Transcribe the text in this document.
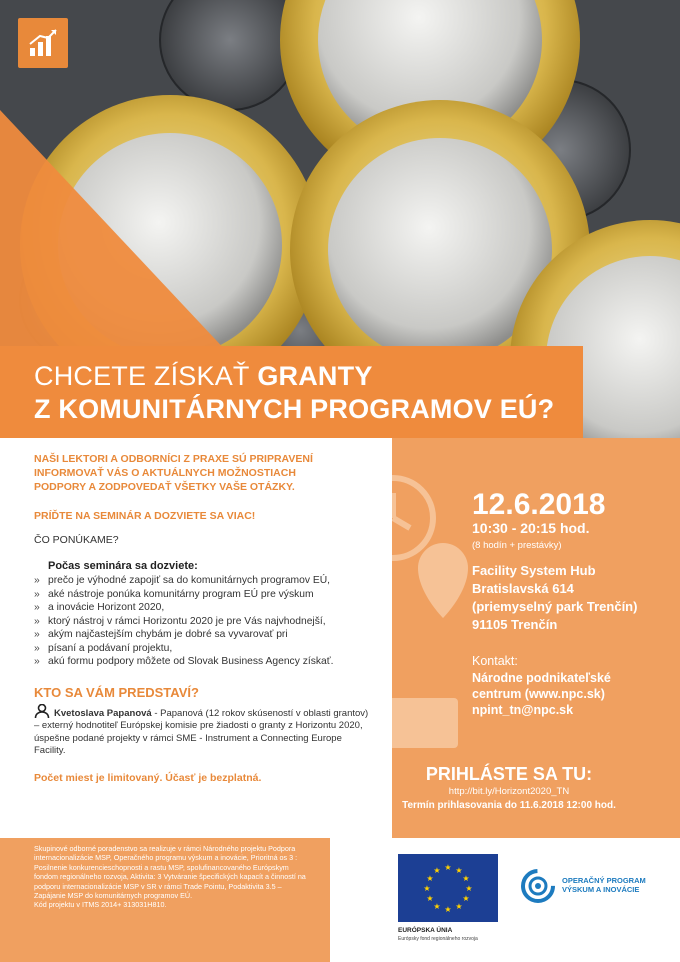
CHCETE ZÍSKAŤ GRANTY
Z KOMUNITÁRNYCH PROGRAMOV EÚ?
NAŠI LEKTORI A ODBORNÍCI Z PRAXE SÚ PRIPRAVENÍ INFORMOVAŤ VÁS O AKTUÁLNYCH MOŽNOSTIACH PODPORY A ZODPOVEDAŤ VŠETKY VAŠE OTÁZKY.
PRÍĎTE NA SEMINÁR A DOZVIETE SA VIAC!
ČO PONÚKAME?
Počas seminára sa dozviete:
» prečo je výhodné zapojiť sa do komunitárnych programov EÚ,
» aké nástroje ponúka komunitárny program EÚ pre výskum
» a inovácie Horizont 2020,
» ktorý nástroj v rámci Horizontu 2020 je pre Vás najvhodnejší,
» akým najčastejším chybám je dobré sa vyvarovať pri
» písaní a podávaní projektu,
» akú formu podpory môžete od Slovak Business Agency získať.
KTO SA VÁM PREDSTAVÍ?
Kvetoslava Papanová - Papanová (12 rokov skúseností v oblasti grantov) – externý hodnotiteľ Európskej komisie pre žiadosti o granty z Horizontu 2020, úspešne podané projekty v rámci SME - Instrument a Connecting Europe Facility.
Počet miest je limitovaný. Účasť je bezplatná.
12.6.2018
10:30 - 20:15 hod.
(8 hodín + prestávky)
Facility System Hub
Bratislavská 614
(priemyselný park Trenčín)
91105 Trenčín
Kontakt:
Národne podnikateľské
centrum (www.npc.sk)
npint_tn@npc.sk
PRIHLÁSTE SA TU:
http://bit.ly/Horizont2020_TN
Termín prihlasovania do 11.6.2018 12:00 hod.
Skupinové odborné poradenstvo sa realizuje v rámci Národného projektu Podpora internacionalizácie MSP, Operačného programu výskum a inovácie, Prioritná os 3 : Posilnenie konkurencieschopnosti a rastu MSP, spolufinancovaného Európskym fondom regionálneho rozvoja, Aktivita: 3 Vytváranie špecifických kapacít a činností na podporu internacionalizácie MSP v SR v rámci Trade Pointu, Podaktivita 3.5 – Zapájanie MSP do komunitárnych programov EÚ.
Kód projektu v ITMS 2014+ 313031H810.
★ ★
★
★
★
★
★
★
★
★
★
★
EURÓPSKA ÚNIA
Európsky fond regionálneho rozvoja
OPERAČNÝ PROGRAM
VÝSKUM A INOVÁCIE
